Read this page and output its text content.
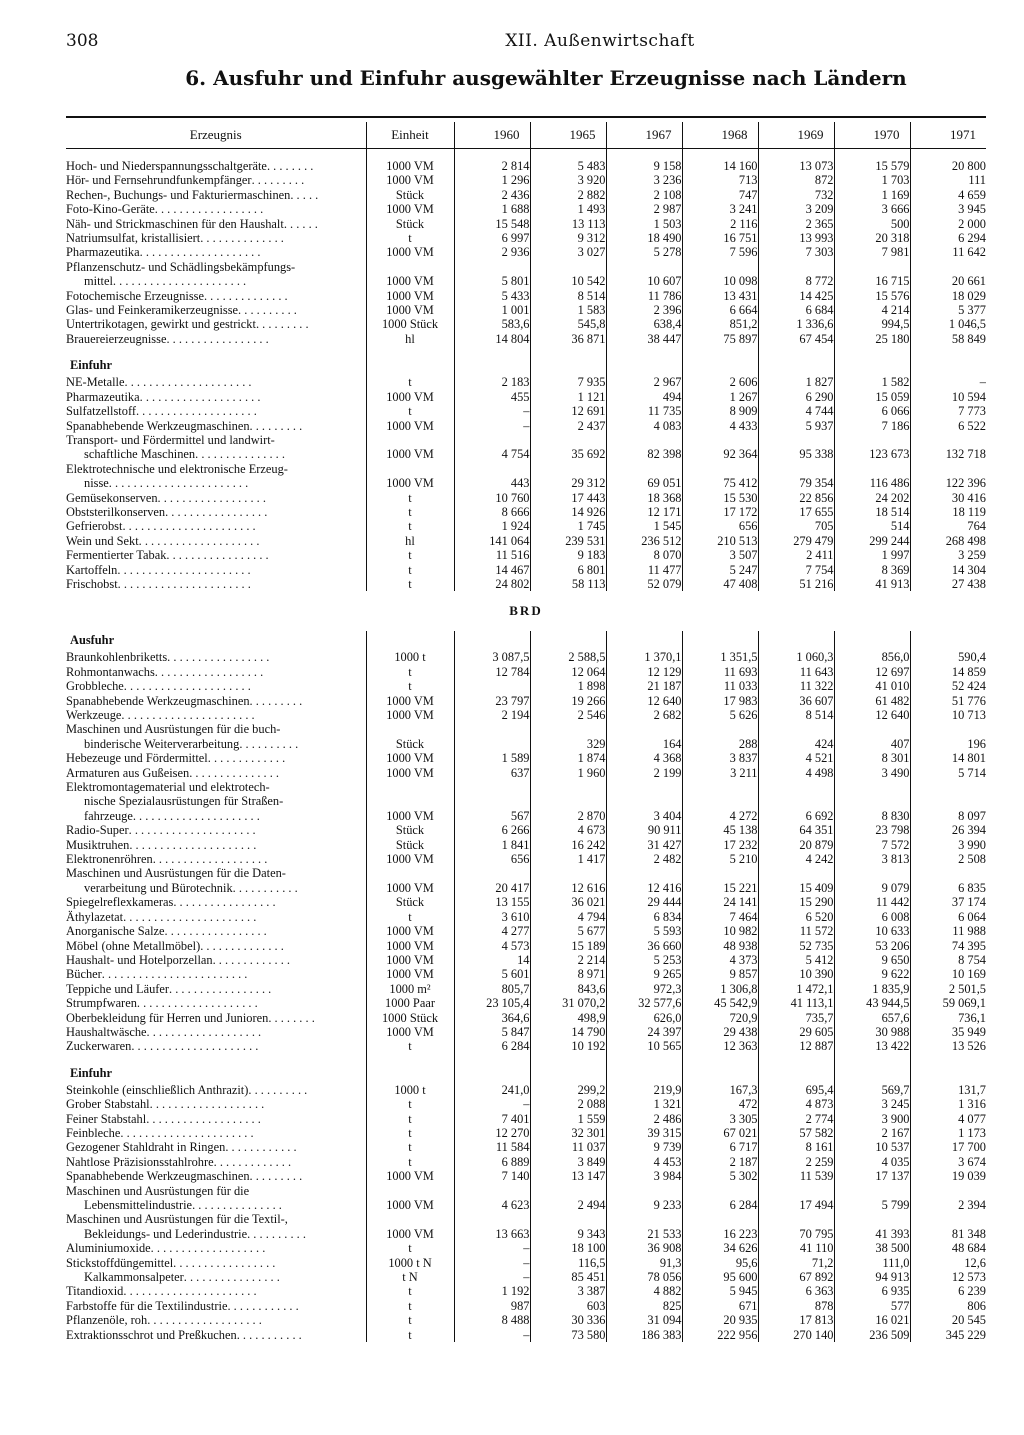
308	XII. Außenwirtschaft
6. Ausfuhr und Einfuhr ausgewählter Erzeugnisse nach Ländern

Erzeugnis	Einheit	1960	1965	1967	1968	1969	1970	1971

Hoch- und Niederspannungsschaltgeräte. . . . . . . .	1000 VM	2 814	5 483	9 158	14 160	13 073	15 579	20 800
Hör- und Fernsehrundfunkempfänger. . . . . . . . .	1000 VM	1 296	3 920	3 236	713	872	1 703	111
Rechen-, Buchungs- und Fakturiermaschinen. . . . .	Stück	2 436	2 882	2 108	747	732	1 169	4 659
Foto-Kino-Geräte. . . . . . . . . . . . . . . . . .	1000 VM	1 688	1 493	2 987	3 241	3 209	3 666	3 945
Näh- und Strickmaschinen für den Haushalt. . . . . .	Stück	15 548	13 113	1 503	2 116	2 365	500	2 000
Natriumsulfat, kristallisiert. . . . . . . . . . . . . .	t	6 997	9 312	18 490	16 751	13 993	20 318	6 294
Pharmazeutika. . . . . . . . . . . . . . . . . . . .	1000 VM	2 936	3 027	5 278	7 596	7 303	7 981	11 642
Pflanzenschutz- und Schädlingsbekämpfungs-								
mittel. . . . . . . . . . . . . . . . . . . . . .	1000 VM	5 801	10 542	10 607	10 098	8 772	16 715	20 661
Fotochemische Erzeugnisse. . . . . . . . . . . . . .	1000 VM	5 433	8 514	11 786	13 431	14 425	15 576	18 029
Glas- und Feinkeramikerzeugnisse. . . . . . . . . .	1000 VM	1 001	1 583	2 396	6 664	6 684	4 214	5 377
Untertrikotagen, gewirkt und gestrickt. . . . . . . . .	1000 Stück	583,6	545,8	638,4	851,2	1 336,6	994,5	1 046,5
Brauereierzeugnisse. . . . . . . . . . . . . . . . .	hl	14 804	36 871	38 447	75 897	67 454	25 180	58 849

Einfuhr								
NE-Metalle. . . . . . . . . . . . . . . . . . . . .	t	2 183	7 935	2 967	2 606	1 827	1 582	–
Pharmazeutika. . . . . . . . . . . . . . . . . . . .	1000 VM	455	1 121	494	1 267	6 290	15 059	10 594
Sulfatzellstoff. . . . . . . . . . . . . . . . . . . .	t	–	12 691	11 735	8 909	4 744	6 066	7 773
Spanabhebende Werkzeugmaschinen. . . . . . . . .	1000 VM	–	2 437	4 083	4 433	5 937	7 186	6 522
Transport- und Fördermittel und landwirt-								
schaftliche Maschinen. . . . . . . . . . . . . . .	1000 VM	4 754	35 692	82 398	92 364	95 338	123 673	132 718
Elektrotechnische und elektronische Erzeug-								
nisse. . . . . . . . . . . . . . . . . . . . . . .	1000 VM	443	29 312	69 051	75 412	79 354	116 486	122 396
Gemüsekonserven. . . . . . . . . . . . . . . . . .	t	10 760	17 443	18 368	15 530	22 856	24 202	30 416
Obststerilkonserven. . . . . . . . . . . . . . . . .	t	8 666	14 926	12 171	17 172	17 655	18 514	18 119
Gefrierobst. . . . . . . . . . . . . . . . . . . . . .	t	1 924	1 745	1 545	656	705	514	764
Wein und Sekt. . . . . . . . . . . . . . . . . . . .	hl	141 064	239 531	236 512	210 513	279 479	299 244	268 498
Fermentierter Tabak. . . . . . . . . . . . . . . . .	t	11 516	9 183	8 070	3 507	2 411	1 997	3 259
Kartoffeln. . . . . . . . . . . . . . . . . . . . . .	t	14 467	6 801	11 477	5 247	7 754	8 369	14 304
Frischobst. . . . . . . . . . . . . . . . . . . . . .	t	24 802	58 113	52 079	47 408	51 216	41 913	27 438
BRD								
Ausfuhr								
Braunkohlenbriketts. . . . . . . . . . . . . . . . .	1000 t	3 087,5	2 588,5	1 370,1	1 351,5	1 060,3	856,0	590,4
Rohmontanwachs. . . . . . . . . . . . . . . . . .	t	12 784	12 064	12 129	11 693	11 643	12 697	14 859
Grobbleche. . . . . . . . . . . . . . . . . . . . .	t		1 898	21 187	11 033	11 322	41 010	52 424
Spanabhebende Werkzeugmaschinen. . . . . . . . .	1000 VM	23 797	19 266	12 640	17 983	36 607	61 482	51 776
Werkzeuge. . . . . . . . . . . . . . . . . . . . . .	1000 VM	2 194	2 546	2 682	5 626	8 514	12 640	10 713
Maschinen und Ausrüstungen für die buch-								
binderische Weiterverarbeitung. . . . . . . . . .	Stück		329	164	288	424	407	196
Hebezeuge und Fördermittel. . . . . . . . . . . . .	1000 VM	1 589	1 874	4 368	3 837	4 521	8 301	14 801
Armaturen aus Gußeisen. . . . . . . . . . . . . . .	1000 VM	637	1 960	2 199	3 211	4 498	3 490	5 714
Elektromontagematerial und elektrotech-								
nische Spezialausrüstungen für Straßen-								
fahrzeuge. . . . . . . . . . . . . . . . . . . . .	1000 VM	567	2 870	3 404	4 272	6 692	8 830	8 097
Radio-Super. . . . . . . . . . . . . . . . . . . . .	Stück	6 266	4 673	90 911	45 138	64 351	23 798	26 394
Musiktruhen. . . . . . . . . . . . . . . . . . . . .	Stück	1 841	16 242	31 427	17 232	20 879	7 572	3 990
Elektronenröhren. . . . . . . . . . . . . . . . . . .	1000 VM	656	1 417	2 482	5 210	4 242	3 813	2 508
Maschinen und Ausrüstungen für die Daten-								
verarbeitung und Bürotechnik. . . . . . . . . . .	1000 VM	20 417	12 616	12 416	15 221	15 409	9 079	6 835
Spiegelreflexkameras. . . . . . . . . . . . . . . . .	Stück	13 155	36 021	29 444	24 141	15 290	11 442	37 174
Äthylazetat. . . . . . . . . . . . . . . . . . . . . .	t	3 610	4 794	6 834	7 464	6 520	6 008	6 064
Anorganische Salze. . . . . . . . . . . . . . . . .	1000 VM	4 277	5 677	5 593	10 982	11 572	10 633	11 988
Möbel (ohne Metallmöbel). . . . . . . . . . . . . .	1000 VM	4 573	15 189	36 660	48 938	52 735	53 206	74 395
Haushalt- und Hotelporzellan. . . . . . . . . . . . .	1000 VM	14	2 214	5 253	4 373	5 412	9 650	8 754
Bücher. . . . . . . . . . . . . . . . . . . . . . . .	1000 VM	5 601	8 971	9 265	9 857	10 390	9 622	10 169
Teppiche und Läufer. . . . . . . . . . . . . . . . .	1000 m²	805,7	843,6	972,3	1 306,8	1 472,1	1 835,9	2 501,5
Strumpfwaren. . . . . . . . . . . . . . . . . . . .	1000 Paar	23 105,4	31 070,2	32 577,6	45 542,9	41 113,1	43 944,5	59 069,1
Oberbekleidung für Herren und Junioren. . . . . . . .	1000 Stück	364,6	498,9	626,0	720,9	735,7	657,6	736,1
Haushaltwäsche. . . . . . . . . . . . . . . . . . .	1000 VM	5 847	14 790	24 397	29 438	29 605	30 988	35 949
Zuckerwaren. . . . . . . . . . . . . . . . . . . . .	t	6 284	10 192	10 565	12 363	12 887	13 422	13 526

Einfuhr								
Steinkohle (einschließlich Anthrazit). . . . . . . . . .	1000 t	241,0	299,2	219,9	167,3	695,4	569,7	131,7
Grober Stabstahl. . . . . . . . . . . . . . . . . . .	t	–	2 088	1 321	472	4 873	3 245	1 316
Feiner Stabstahl. . . . . . . . . . . . . . . . . . .	t	7 401	1 559	2 486	3 305	2 774	3 900	4 077
Feinbleche. . . . . . . . . . . . . . . . . . . . . .	t	12 270	32 301	39 315	67 021	57 582	2 167	1 173
Gezogener Stahldraht in Ringen. . . . . . . . . . . .	t	11 584	11 037	9 739	6 717	8 161	10 537	17 700
Nahtlose Präzisionsstahlrohre. . . . . . . . . . . . .	t	6 889	3 849	4 453	2 187	2 259	4 035	3 674
Spanabhebende Werkzeugmaschinen. . . . . . . . .	1000 VM	7 140	13 147	3 984	5 302	11 539	17 137	19 039
Maschinen und Ausrüstungen für die								
Lebensmittelindustrie. . . . . . . . . . . . . . .	1000 VM	4 623	2 494	9 233	6 284	17 494	5 799	2 394
Maschinen und Ausrüstungen für die Textil-,								
Bekleidungs- und Lederindustrie. . . . . . . . . .	1000 VM	13 663	9 343	21 533	16 223	70 795	41 393	81 348
Aluminiumoxide. . . . . . . . . . . . . . . . . . .	t	–	18 100	36 908	34 626	41 110	38 500	48 684
Stickstoffdüngemittel. . . . . . . . . . . . . . . . .	1000 t N	–	116,5	91,3	95,6	71,2	111,0	12,6
Kalkammonsalpeter. . . . . . . . . . . . . . . .	t N	–	85 451	78 056	95 600	67 892	94 913	12 573
Titandioxid. . . . . . . . . . . . . . . . . . . . . .	t	1 192	3 387	4 882	5 945	6 363	6 935	6 239
Farbstoffe für die Textilindustrie. . . . . . . . . . . .	t	987	603	825	671	878	577	806
Pflanzenöle, roh. . . . . . . . . . . . . . . . . . .	t	8 488	30 336	31 094	20 935	17 813	16 021	20 545
Extraktionsschrot und Preßkuchen. . . . . . . . . . .	t	–	73 580	186 383	222 956	270 140	236 509	345 229
